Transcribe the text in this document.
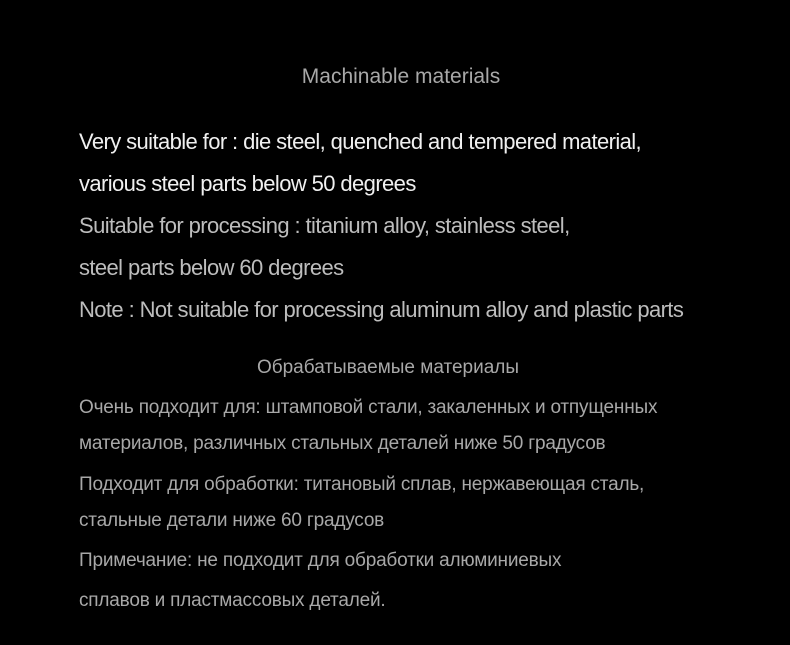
Machinable materials
Very suitable for : die steel, quenched and tempered material,
various steel parts below 50 degrees
Suitable for processing : titanium alloy, stainless steel,
steel parts below 60 degrees
Note : Not suitable for processing aluminum alloy and plastic parts
Обрабатываемые материалы
Очень подходит для: штамповой стали, закаленных и отпущенных
материалов, различных стальных деталей ниже 50 градусов
Подходит для обработки: титановый сплав, нержавеющая сталь,
стальные детали ниже 60 градусов
Примечание: не подходит для обработки алюминиевых
сплавов и пластмассовых деталей.
